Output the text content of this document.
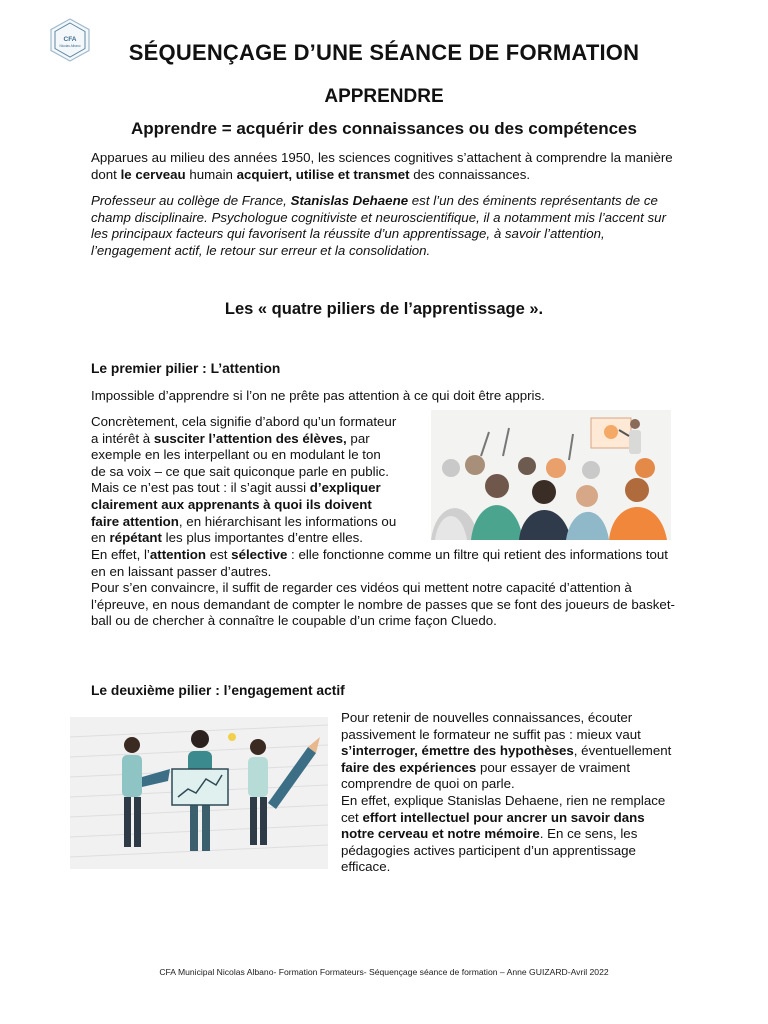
CFA
Nicolas Albano	SÉQUENÇAGE D’UNE SÉANCE DE FORMATION
APPRENDRE
Apprendre = acquérir des connaissances ou des compétences
Apparues au milieu des années 1950, les sciences cognitives s’attachent à comprendre la manière dont le cerveau humain acquiert, utilise et transmet des connaissances.
Professeur au collège de France, Stanislas Dehaene est l’un des éminents représentants de ce champ disciplinaire. Psychologue cognitiviste et neuroscientifique, il a notamment mis l’accent sur les principaux facteurs qui favorisent la réussite d’un apprentissage, à savoir l’attention, l’engagement actif, le retour sur erreur et la consolidation.
Les « quatre piliers de l’apprentissage ».
Le premier pilier : L’attention
Impossible d’apprendre si l’on ne prête pas attention à ce qui doit être appris.
Concrètement, cela signifie d’abord qu’un formateur
a intérêt à susciter l’attention des élèves, par
exemple en les interpellant ou en modulant le ton
de sa voix – ce que sait quiconque parle en public.
Mais ce n’est pas tout : il s’agit aussi d’expliquer
clairement aux apprenants à quoi ils doivent
faire attention, en hiérarchisant les informations ou
en répétant les plus importantes d’entre elles.
En effet, l’attention est sélective : elle fonctionne comme un filtre qui retient des informations tout en en laissant passer d’autres.
Pour s’en convaincre, il suffit de regarder ces vidéos qui mettent notre capacité d’attention à l’épreuve, en nous demandant de compter le nombre de passes que se font des joueurs de basket-ball ou de chercher à connaître le coupable d’un crime façon Cluedo.
Le deuxième pilier : l’engagement actif
Pour retenir de nouvelles connaissances, écouter passivement le formateur ne suffit pas : mieux vaut s’interroger, émettre des hypothèses, éventuellement faire des expériences pour essayer de vraiment comprendre de quoi on parle.
En effet, explique Stanislas Dehaene, rien ne remplace cet effort intellectuel pour ancrer un savoir dans notre cerveau et notre mémoire. En ce sens, les pédagogies actives participent d’un apprentissage efficace.
CFA Municipal Nicolas Albano- Formation Formateurs- Séquençage séance de formation – Anne GUIZARD-Avril 2022
